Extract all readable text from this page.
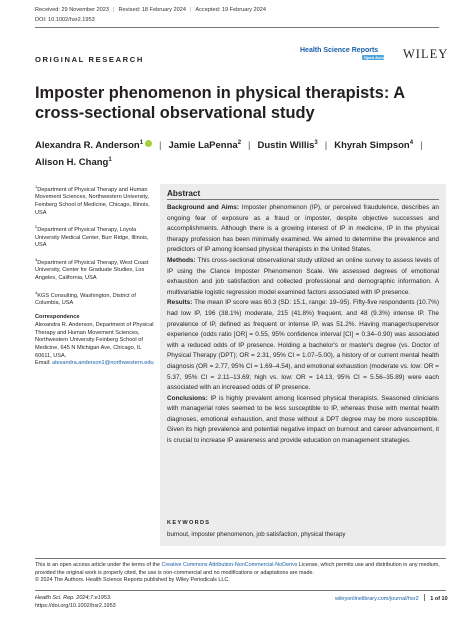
Received: 29 November 2023 | Revised: 18 February 2024 | Accepted: 19 February 2024
DOI: 10.1002/hsr2.1953
ORIGINAL RESEARCH
Health Science Reports
Open Access WILEY
Imposter phenomenon in physical therapists: A cross-sectional observational study
Alexandra R. Anderson$^1$ | Jamie LaPenna$^2$ | Dustin Willis$^3$ | Khyrah Simpson$^4$ |
Alison H. Chang$^1$

$^1$Department of Physical Therapy and Human Movement Sciences, Northwestern University, Feinberg School of Medicine, Chicago, Illinois, USA

$^2$Department of Physical Therapy, Loyola University Medical Center, Burr Ridge, Illinois, USA

$^3$Department of Physical Therapy, West Coast University, Center for Graduate Studies, Los Angeles, California, USA

$^4$KGS Consulting, Washington, District of Columbia, USA

Correspondence
Alexandra R. Anderson, Department of Physical Therapy and Human Movement Sciences, Northwestern University Feinberg School of Medicine, 645 N Michigan Ave, Chicago, IL 60611, USA.
Email: alexandra.anderson1@northwestern.edu
Abstract

Background and Aims: Imposter phenomenon (IP), or perceived fraudulence, describes an ongoing fear of exposure as a fraud or imposter, despite objective successes and accomplishments. Although there is a growing interest of IP in medicine, IP in the physical therapy profession has been minimally examined. We aimed to determine the prevalence and predictors of IP among licensed physical therapists in the United States.

Methods: This cross-sectional observational study utilized an online survey to assess levels of IP using the Clance Imposter Phenomenon Scale. We assessed degrees of emotional exhaustion and job satisfaction and collected professional and demographic information. A multivariable logistic regression model examined factors associated with IP presence.

Results: The mean IP score was 60.3 (SD: 15.1, range: 19–95). Fifty-five respondents (10.7%) had low IP, 196 (38.1%) moderate, 215 (41.8%) frequent, and 48 (9.3%) intense IP. The prevalence of IP, defined as frequent or intense IP, was 51.2%. Having manager/supervisor experience (odds ratio [OR] = 0.55, 95% confidence interval [CI] = 0.34–0.90) was associated with a reduced odds of IP presence. Holding a bachelor's or master's degree (vs. Doctor of Physical Therapy (DPT); OR = 2.31, 95% CI = 1.07–5.00), a history of or current mental health diagnosis (OR = 2.77, 95% CI = 1.69–4.54), and emotional exhaustion (moderate vs. low: OR = 5.37, 95% CI = 2.11–13.69; high vs. low: OR = 14.13, 95% CI = 5.56–35.89) were each associated with an increased odds of IP presence.

Conclusions: IP is highly prevalent among licensed physical therapists. Seasoned clinicians with managerial roles seemed to be less susceptible to IP, whereas those with mental health diagnoses, emotional exhaustion, and those without a DPT degree may be more susceptible. Given its high prevalence and potential negative impact on burnout and career advancement, it is crucial to increase IP awareness and provide education on management strategies.

KEYWORDS
burnout, imposter phenomenon, job satisfaction, physical therapy
This is an open access article under the terms of the Creative Commons Attribution-NonCommercial-NoDerivs License, which permits use and distribution in any medium, provided the original work is properly cited, the use is non-commercial and no modifications or adaptations are made.
© 2024 The Authors. Health Science Reports published by Wiley Periodicals LLC.
Health Sci. Rep. 2024;7:e1953.
https://doi.org/10.1002/hsr2.1953
wileyonlinelibrary.com/journal/hsr2 1 of 10
